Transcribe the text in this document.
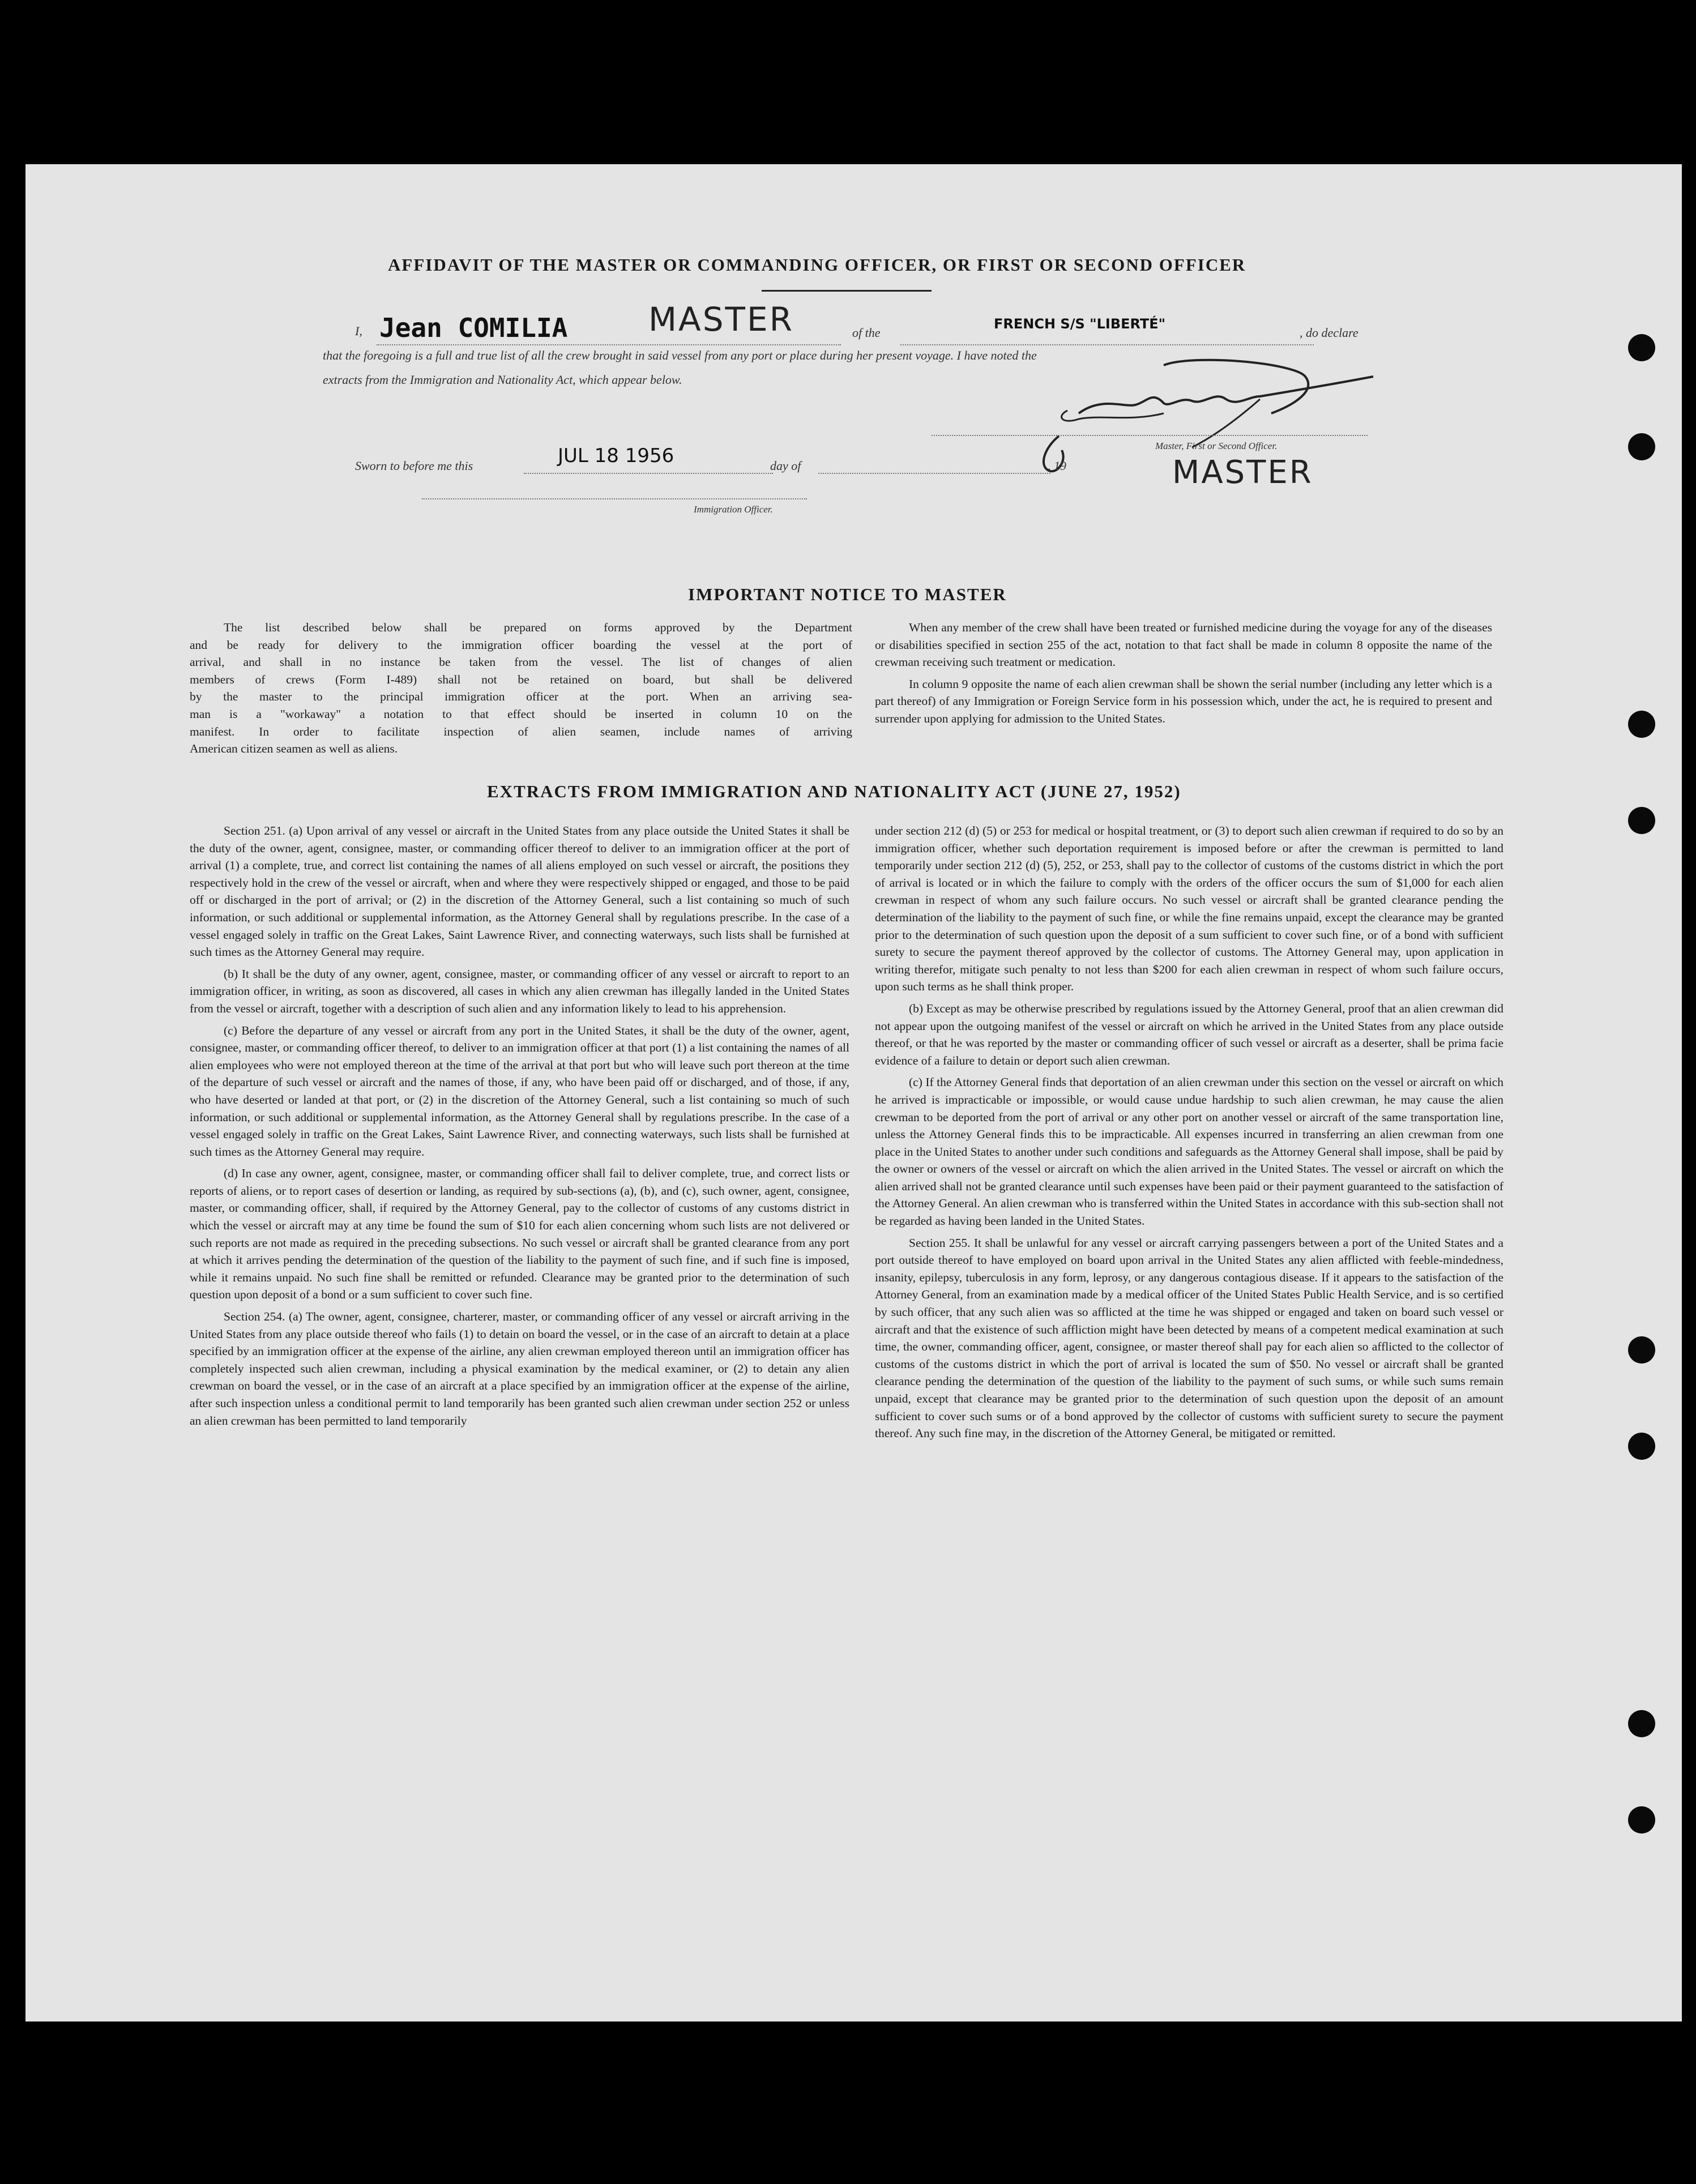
AFFIDAVIT OF THE MASTER OR COMMANDING OFFICER, OR FIRST OR SECOND OFFICER
I, Jean COMILIA MASTER	of the
FRENCH S/S "LIBERTÉ"
, do declare
that the foregoing is a full and true list of all the crew brought in said vessel from any port or place during her present voyage. I have noted the
extracts from the Immigration and Nationality Act, which appear below.
Sworn to before me this	JUL 18 1956	day of	, 19
Master, First or Second Officer.
MASTER
Immigration Officer.
IMPORTANT NOTICE TO MASTER

The list described below shall be prepared on forms approved by the Department

and be ready for delivery to the immigration officer boarding the vessel at the port of

arrival, and shall in no instance be taken from the vessel. The list of changes of alien

members of crews (Form I-489) shall not be retained on board, but shall be delivered

by the master to the principal immigration officer at the port. When an arriving sea-

man is a "workaway" a notation to that effect should be inserted in column 10 on the

manifest. In order to facilitate inspection of alien seamen, include names of arriving

American citizen seamen as well as aliens.

When any member of the crew shall have been treated or furnished medicine during the voyage for any of the diseases or disabilities specified in section 255 of the act, notation to that fact shall be made in column 8 opposite the name of the crewman receiving such treatment or medication.

In column 9 opposite the name of each alien crewman shall be shown the serial number (including any letter which is a part thereof) of any Immigration or Foreign Service form in his possession which, under the act, he is required to present and surrender upon applying for admission to the United States.

EXTRACTS FROM IMMIGRATION AND NATIONALITY ACT (JUNE 27, 1952)

Section 251. (a) Upon arrival of any vessel or aircraft in the United States from any place outside the United States it shall be the duty of the owner, agent, consignee, master, or commanding officer thereof to deliver to an immigration officer at the port of arrival (1) a complete, true, and correct list containing the names of all aliens employed on such vessel or aircraft, the positions they respectively hold in the crew of the vessel or aircraft, when and where they were respectively shipped or engaged, and those to be paid off or discharged in the port of arrival; or (2) in the discretion of the Attorney General, such a list containing so much of such information, or such additional or supplemental information, as the Attorney General shall by regulations prescribe. In the case of a vessel engaged solely in traffic on the Great Lakes, Saint Lawrence River, and connecting waterways, such lists shall be furnished at such times as the Attorney General may require.

(b) It shall be the duty of any owner, agent, consignee, master, or commanding officer of any vessel or aircraft to report to an immigration officer, in writing, as soon as discovered, all cases in which any alien crewman has illegally landed in the United States from the vessel or aircraft, together with a description of such alien and any information likely to lead to his apprehension.

(c) Before the departure of any vessel or aircraft from any port in the United States, it shall be the duty of the owner, agent, consignee, master, or commanding officer thereof, to deliver to an immigration officer at that port (1) a list containing the names of all alien employees who were not employed thereon at the time of the arrival at that port but who will leave such port thereon at the time of the departure of such vessel or aircraft and the names of those, if any, who have been paid off or discharged, and of those, if any, who have deserted or landed at that port, or (2) in the discretion of the Attorney General, such a list containing so much of such information, or such additional or supplemental information, as the Attorney General shall by regulations prescribe. In the case of a vessel engaged solely in traffic on the Great Lakes, Saint Lawrence River, and connecting waterways, such lists shall be furnished at such times as the Attorney General may require.

(d) In case any owner, agent, consignee, master, or commanding officer shall fail to deliver complete, true, and correct lists or reports of aliens, or to report cases of desertion or landing, as required by sub-sections (a), (b), and (c), such owner, agent, consignee, master, or commanding officer, shall, if required by the Attorney General, pay to the collector of customs of any customs district in which the vessel or aircraft may at any time be found the sum of $10 for each alien concerning whom such lists are not delivered or such reports are not made as required in the preceding subsections. No such vessel or aircraft shall be granted clearance from any port at which it arrives pending the determination of the question of the liability to the payment of such fine, and if such fine is imposed, while it remains unpaid. No such fine shall be remitted or refunded. Clearance may be granted prior to the determination of such question upon deposit of a bond or a sum sufficient to cover such fine.

Section 254. (a) The owner, agent, consignee, charterer, master, or commanding officer of any vessel or aircraft arriving in the United States from any place outside thereof who fails (1) to detain on board the vessel, or in the case of an aircraft to detain at a place specified by an immigration officer at the expense of the airline, any alien crewman employed thereon until an immigration officer has completely inspected such alien crewman, including a physical examination by the medical examiner, or (2) to detain any alien crewman on board the vessel, or in the case of an aircraft at a place specified by an immigration officer at the expense of the airline, after such inspection unless a conditional permit to land temporarily has been granted such alien crewman under section 252 or unless an alien crewman has been permitted to land temporarily

under section 212 (d) (5) or 253 for medical or hospital treatment, or (3) to deport such alien crewman if required to do so by an immigration officer, whether such deportation requirement is imposed before or after the crewman is permitted to land temporarily under section 212 (d) (5), 252, or 253, shall pay to the collector of customs of the customs district in which the port of arrival is located or in which the failure to comply with the orders of the officer occurs the sum of $1,000 for each alien crewman in respect of whom any such failure occurs. No such vessel or aircraft shall be granted clearance pending the determination of the liability to the payment of such fine, or while the fine remains unpaid, except the clearance may be granted prior to the determination of such question upon the deposit of a sum sufficient to cover such fine, or of a bond with sufficient surety to secure the payment thereof approved by the collector of customs. The Attorney General may, upon application in writing therefor, mitigate such penalty to not less than $200 for each alien crewman in respect of whom such failure occurs, upon such terms as he shall think proper.

(b) Except as may be otherwise prescribed by regulations issued by the Attorney General, proof that an alien crewman did not appear upon the outgoing manifest of the vessel or aircraft on which he arrived in the United States from any place outside thereof, or that he was reported by the master or commanding officer of such vessel or aircraft as a deserter, shall be prima facie evidence of a failure to detain or deport such alien crewman.

(c) If the Attorney General finds that deportation of an alien crewman under this section on the vessel or aircraft on which he arrived is impracticable or impossible, or would cause undue hardship to such alien crewman, he may cause the alien crewman to be deported from the port of arrival or any other port on another vessel or aircraft of the same transportation line, unless the Attorney General finds this to be impracticable. All expenses incurred in transferring an alien crewman from one place in the United States to another under such conditions and safeguards as the Attorney General shall impose, shall be paid by the owner or owners of the vessel or aircraft on which the alien arrived in the United States. The vessel or aircraft on which the alien arrived shall not be granted clearance until such expenses have been paid or their payment guaranteed to the satisfaction of the Attorney General. An alien crewman who is transferred within the United States in accordance with this sub-section shall not be regarded as having been landed in the United States.

Section 255. It shall be unlawful for any vessel or aircraft carrying passengers between a port of the United States and a port outside thereof to have employed on board upon arrival in the United States any alien afflicted with feeble-mindedness, insanity, epilepsy, tuberculosis in any form, leprosy, or any dangerous contagious disease. If it appears to the satisfaction of the Attorney General, from an examination made by a medical officer of the United States Public Health Service, and is so certified by such officer, that any such alien was so afflicted at the time he was shipped or engaged and taken on board such vessel or aircraft and that the existence of such affliction might have been detected by means of a competent medical examination at such time, the owner, commanding officer, agent, consignee, or master thereof shall pay for each alien so afflicted to the collector of customs of the customs district in which the port of arrival is located the sum of $50. No vessel or aircraft shall be granted clearance pending the determination of the question of the liability to the payment of such sums, or while such sums remain unpaid, except that clearance may be granted prior to the determination of such question upon the deposit of an amount sufficient to cover such sums or of a bond approved by the collector of customs with sufficient surety to secure the payment thereof. Any such fine may, in the discretion of the Attorney General, be mitigated or remitted.
